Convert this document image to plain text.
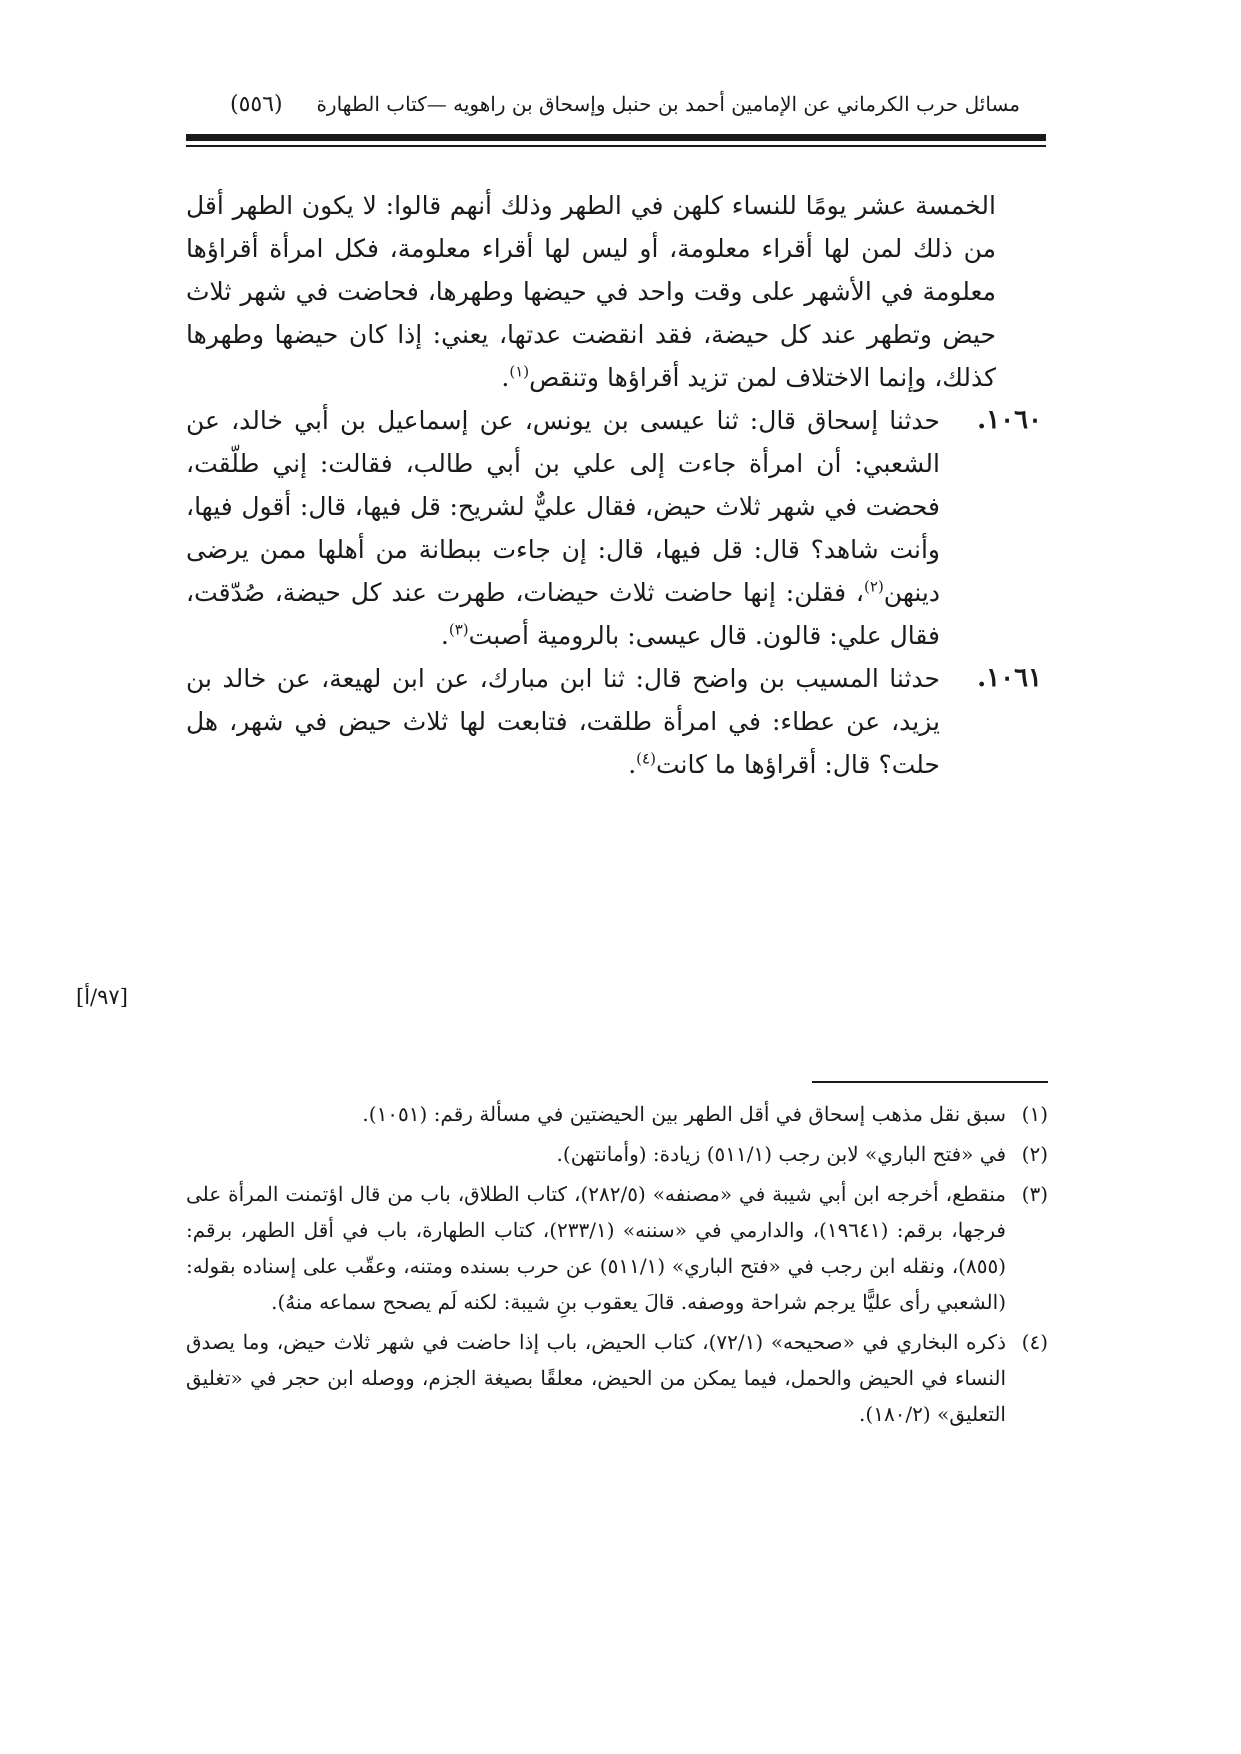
مسائل حرب الكرماني عن الإمامين أحمد بن حنبل وإسحاق بن راهويه —كتاب الطهارة
(٥٥٦)

الخمسة عشر يومًا للنساء كلهن في الطهر وذلك أنهم قالوا: لا يكون الطهر أقل من ذلك لمن لها أقراء معلومة، أو ليس لها أقراء معلومة، فكل امرأة أقراؤها معلومة في الأشهر على وقت واحد في حيضها وطهرها، فحاضت في شهر ثلاث حيض وتطهر عند كل حيضة، فقد انقضت عدتها، يعني: إذا كان حيضها وطهرها كذلك، وإنما الاختلاف لمن تزيد أقراؤها وتنقص$^{(١)}$.

١٠٦٠.
حدثنا إسحاق قال: ثنا عيسى بن يونس، عن إسماعيل بن أبي خالد، عن الشعبي: أن امرأة جاءت إلى علي بن أبي طالب، فقالت: إني طلّقت، فحضت في شهر ثلاث حيض، فقال عليٌّ لشريح: قل فيها، قال: أقول فيها، وأنت شاهد؟ قال: قل فيها، قال: إن جاءت ببطانة من أهلها ممن يرضى دينهن$^{(٢)}$، فقلن: إنها حاضت ثلاث حيضات، طهرت عند كل حيضة، صُدّقت، فقال علي: قالون. قال عيسى: بالرومية أصبت$^{(٣)}$.
١٠٦١.
حدثنا المسيب بن واضح قال: ثنا ابن مبارك، عن ابن لهيعة، عن خالد بن يزيد، عن عطاء: في امرأة طلقت، فتابعت لها ثلاث حيض في شهر، هل حلت؟ قال: أقراؤها ما كانت$^{(٤)}$.
[٩٧/أ]
(١)
سبق نقل مذهب إسحاق في أقل الطهر بين الحيضتين في مسألة رقم: (١٠٥١).
(٢)
في «فتح الباري» لابن رجب (٥١١/١) زيادة: (وأمانتهن).
(٣)
منقطع، أخرجه ابن أبي شيبة في «مصنفه» (٢٨٢/٥)، كتاب الطلاق، باب من قال اؤتمنت المرأة على فرجها، برقم: (١٩٦٤١)، والدارمي في «سننه» (٢٣٣/١)، كتاب الطهارة، باب في أقل الطهر، برقم: (٨٥٥)، ونقله ابن رجب في «فتح الباري» (٥١١/١) عن حرب بسنده ومتنه، وعقّب على إسناده بقوله: (الشعبي رأى عليًّا يرجم شراحة ووصفه. قالَ يعقوب بنِ شيبة: لكنه لَم يصحح سماعه منهُ).
(٤)
ذكره البخاري في «صحيحه» (٧٢/١)، كتاب الحيض، باب إذا حاضت في شهر ثلاث حيض، وما يصدق النساء في الحيض والحمل، فيما يمكن من الحيض، معلقًا بصيغة الجزم، ووصله ابن حجر في «تغليق التعليق» (١٨٠/٢).
